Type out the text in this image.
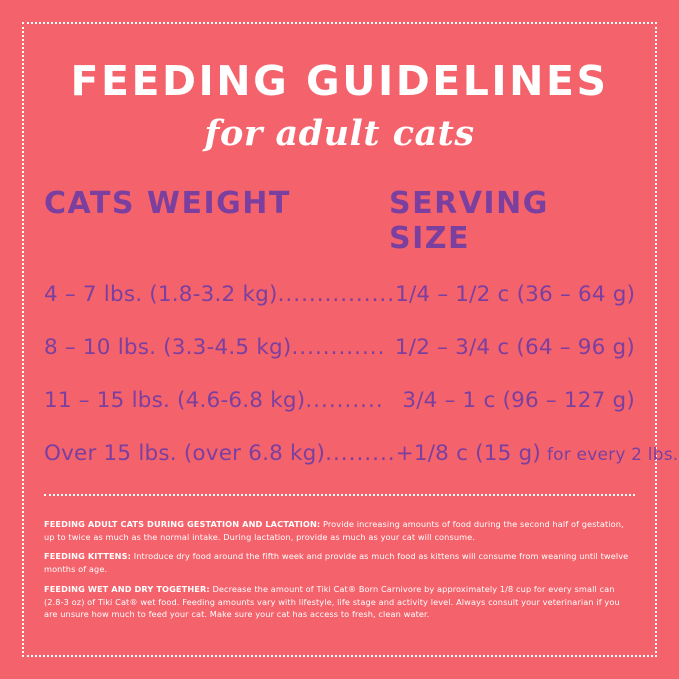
FEEDING GUIDELINES
for adult cats
CATS WEIGHT	SERVING SIZE
4 – 7 lbs. (1.8-3.2 kg) ............... 1/4 – 1/2 c (36 – 64 g)
8 – 10 lbs. (3.3-4.5 kg) ............ 1/2 – 3/4 c (64 – 96 g)
11 – 15 lbs. (4.6-6.8 kg) .......... 3/4 – 1 c (96 – 127 g)
Over 15 lbs. (over 6.8 kg) ......... +1/8 c (15 g) for every 2 lbs.

FEEDING ADULT CATS DURING GESTATION AND LACTATION: Provide increasing amounts of food during the second half of gestation, up to twice as much as the normal intake. During lactation, provide as much as your cat will consume.

FEEDING KITTENS: Introduce dry food around the fifth week and provide as much food as kittens will consume from weaning until twelve months of age.

FEEDING WET AND DRY TOGETHER: Decrease the amount of Tiki Cat® Born Carnivore by approximately 1/8 cup for every small can (2.8-3 oz) of Tiki Cat® wet food. Feeding amounts vary with lifestyle, life stage and activity level. Always consult your veterinarian if you are unsure how much to feed your cat. Make sure your cat has access to fresh, clean water.
